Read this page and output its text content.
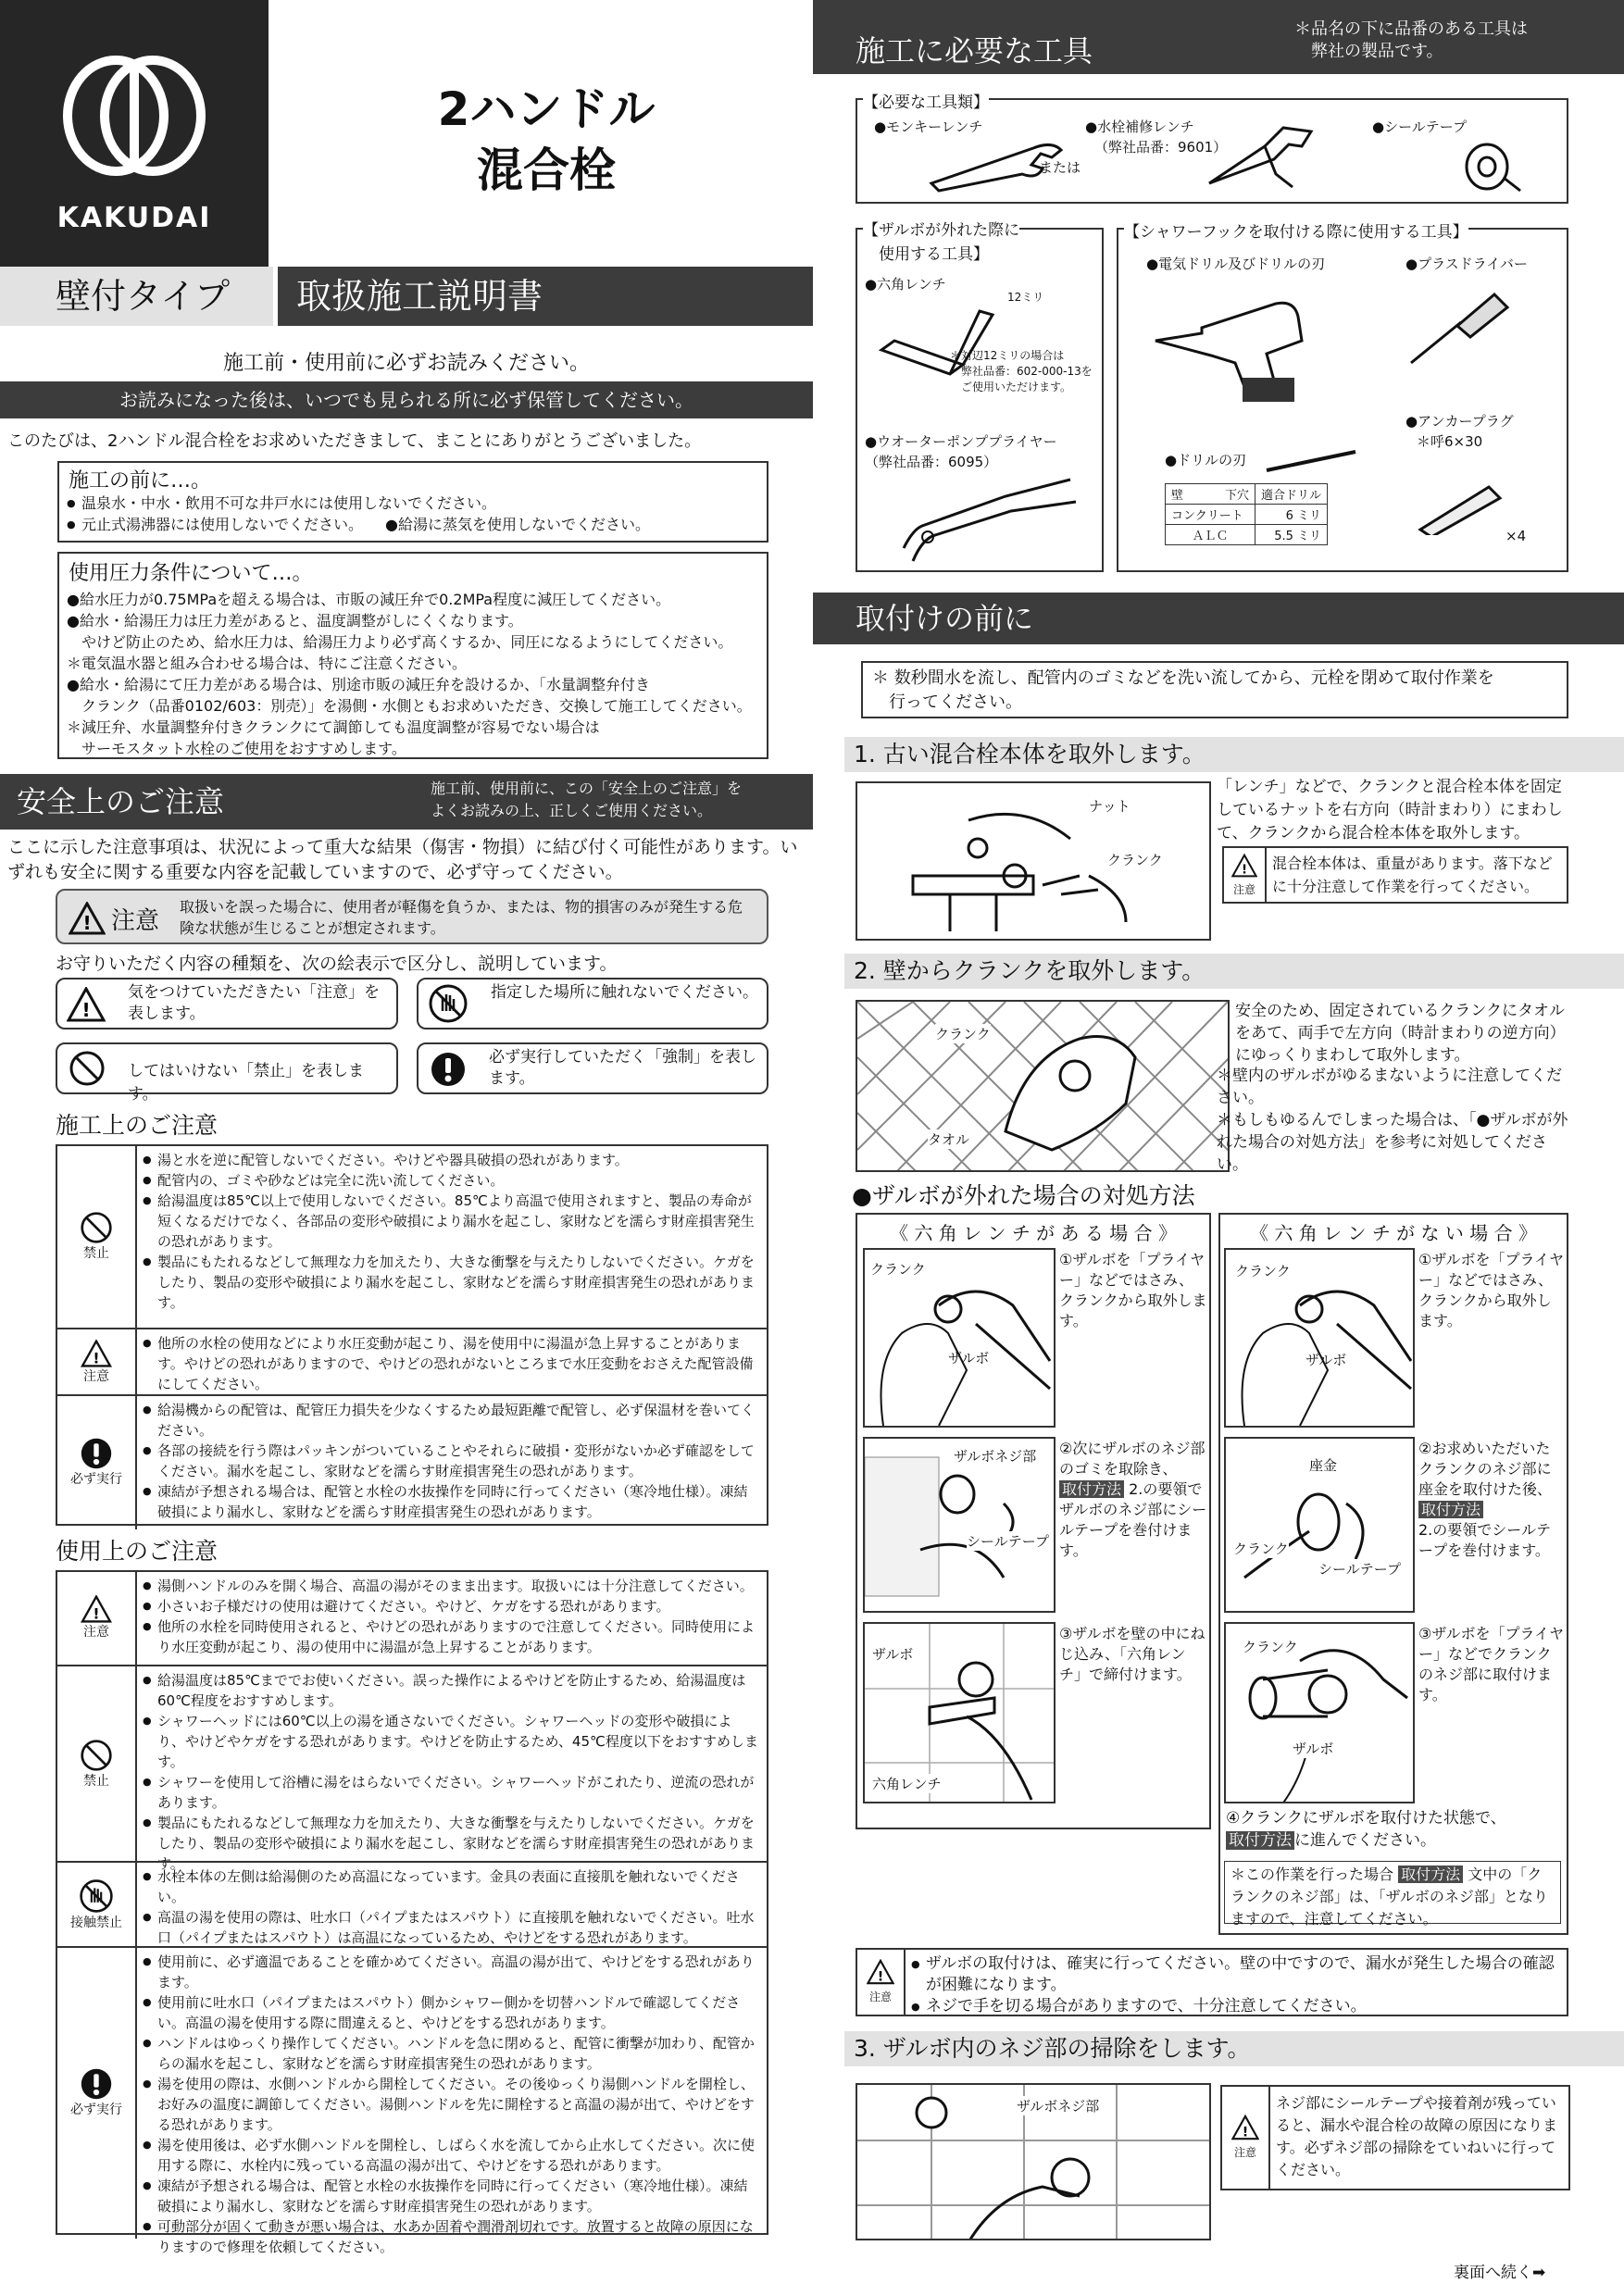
KAKUDAI
2ハンドル
混合栓
壁付タイプ	取扱施工説明書
施工前・使用前に必ずお読みください。
お読みになった後は、いつでも見られる所に必ず保管してください。
このたびは、2ハンドル混合栓をお求めいただきまして、まことにありがとうございました。
施工の前に…。
● 温泉水・中水・飲用不可な井戸水には使用しないでください。
● 元止式湯沸器には使用しないでください。　　 ●給湯に蒸気を使用しないでください。
使用圧力条件について…。
●給水圧力が0.75MPaを超える場合は、市販の減圧弁で0.2MPa程度に減圧してください。
●給水・給湯圧力は圧力差があると、温度調整がしにくくなります。
　やけど防止のため、給水圧力は、給湯圧力より必ず高くするか、同圧になるようにしてください。
＊電気温水器と組み合わせる場合は、特にご注意ください。
●給水・給湯にて圧力差がある場合は、別途市販の減圧弁を設けるか、「水量調整弁付き
　クランク（品番0102/603：別売）」を湯側・水側ともお求めいただき、交換して施工してください。
＊減圧弁、水量調整弁付きクランクにて調節しても温度調整が容易でない場合は
　サーモスタット水栓のご使用をおすすめします。
安全上のご注意	施工前、使用前に、この「安全上のご注意」を
よくお読みの上、正しくご使用ください。
ここに示した注意事項は、状況によって重大な結果（傷害・物損）に結び付く可能性があります。いずれも安全に関する重要な内容を記載していますので、必ず守ってください。
! 注意
取扱いを誤った場合に、使用者が軽傷を負うか、または、物的損害のみが発生する危険な状態が生じることが想定されます。
お守りいただく内容の種類を、次の絵表示で区分し、説明しています。
!
気をつけていただきたい「注意」を表します。
指定した場所に触れないでください。
してはいけない「禁止」を表します。
必ず実行していただく「強制」を表します。
施工上のご注意
禁止
● 湯と水を逆に配管しないでください。やけどや器具破損の恐れがあります。
● 配管内の、ゴミや砂などは完全に洗い流してください。
● 給湯温度は85℃以上で使用しないでください。85℃より高温で使用されますと、製品の寿命が短くなるだけでなく、各部品の変形や破損により漏水を起こし、家財などを濡らす財産損害発生の恐れがあります。
● 製品にもたれるなどして無理な力を加えたり、大きな衝撃を与えたりしないでください。ケガをしたり、製品の変形や破損により漏水を起こし、家財などを濡らす財産損害発生の恐れがあります。
!
注意
● 他所の水栓の使用などにより水圧変動が起こり、湯を使用中に湯温が急上昇することがあります。やけどの恐れがありますので、やけどの恐れがないところまで水圧変動をおさえた配管設備にしてください。
必ず実行
● 給湯機からの配管は、配管圧力損失を少なくするため最短距離で配管し、必ず保温材を巻いてください。
● 各部の接続を行う際はパッキンがついていることやそれらに破損・変形がないか必ず確認をしてください。漏水を起こし、家財などを濡らす財産損害発生の恐れがあります。
● 凍結が予想される場合は、配管と水栓の水抜操作を同時に行ってください（寒冷地仕様）。凍結破損により漏水し、家財などを濡らす財産損害発生の恐れがあります。
使用上のご注意
!
注意
● 湯側ハンドルのみを開く場合、高温の湯がそのまま出ます。取扱いには十分注意してください。
● 小さいお子様だけの使用は避けてください。やけど、ケガをする恐れがあります。
● 他所の水栓を同時使用されると、やけどの恐れがありますので注意してください。同時使用により水圧変動が起こり、湯の使用中に湯温が急上昇することがあります。
禁止
● 給湯温度は85℃まででお使いください。誤った操作によるやけどを防止するため、給湯温度は60℃程度をおすすめします。
● シャワーヘッドには60℃以上の湯を通さないでください。シャワーヘッドの変形や破損により、やけどやケガをする恐れがあります。やけどを防止するため、45℃程度以下をおすすめします。
● シャワーを使用して浴槽に湯をはらないでください。シャワーヘッドがこれたり、逆流の恐れがあります。
● 製品にもたれるなどして無理な力を加えたり、大きな衝撃を与えたりしないでください。ケガをしたり、製品の変形や破損により漏水を起こし、家財などを濡らす財産損害発生の恐れがあります。
接触禁止
● 水栓本体の左側は給湯側のため高温になっています。金具の表面に直接肌を触れないでください。
● 高温の湯を使用の際は、吐水口（パイプまたはスパウト）に直接肌を触れないでください。吐水口（パイプまたはスパウト）は高温になっているため、やけどをする恐れがあります。
必ず実行
● 使用前に、必ず適温であることを確かめてください。高温の湯が出て、やけどをする恐れがあります。
● 使用前に吐水口（パイプまたはスパウト）側かシャワー側かを切替ハンドルで確認してください。高温の湯を使用する際に間違えると、やけどをする恐れがあります。
● ハンドルはゆっくり操作してください。ハンドルを急に閉めると、配管に衝撃が加わり、配管からの漏水を起こし、家財などを濡らす財産損害発生の恐れがあります。
● 湯を使用の際は、水側ハンドルから開栓してください。その後ゆっくり湯側ハンドルを開栓し、お好みの温度に調節してください。湯側ハンドルを先に開栓すると高温の湯が出て、やけどをする恐れがあります。
● 湯を使用後は、必ず水側ハンドルを開栓し、しばらく水を流してから止水してください。次に使用する際に、水栓内に残っている高温の湯が出て、やけどをする恐れがあります。
● 凍結が予想される場合は、配管と水栓の水抜操作を同時に行ってください（寒冷地仕様）。凍結破損により漏水し、家財などを濡らす財産損害発生の恐れがあります。
● 可動部分が固くて動きが悪い場合は、水あか固着や潤滑剤切れです。放置すると故障の原因になりますので修理を依頼してください。
施工に必要な工具
＊品名の下に品番のある工具は
　弊社の製品です。
【必要な工具類】
●モンキーレンチ
または
●水栓補修レンチ
（弊社品番：9601）
●シールテープ
【ザルボが外れた際に
　使用する工具】
●六角レンチ
12ミリ
＊対辺12ミリの場合は
　弊社品番：602-000-13を
　ご使用いただけます。
●ウオーターポンププライヤー
（弊社品番：6095）
【シャワーフックを取付ける際に使用する工具】
●電気ドリル及びドリルの刃	●プラスドライバー
●ドリルの刃
●アンカープラグ
＊呼6×30
×4
壁 下穴	適合ドリル
コンクリート	6 ミリ
ＡＬＣ	5.5 ミリ
取付けの前に
＊ 数秒間水を流し、配管内のゴミなどを洗い流してから、元栓を閉めて取付作業を
　行ってください。
1. 古い混合栓本体を取外します。
ナット
クランク
「レンチ」などで、クランクと混合栓本体を固定しているナットを右方向（時計まわり）にまわして、クランクから混合栓本体を取外します。
!
注意
混合栓本体は、重量があります。落下などに十分注意して作業を行ってください。
2. 壁からクランクを取外します。
クランク
タオル
安全のため、固定されているクランクにタオルをあて、両手で左方向（時計まわりの逆方向）にゆっくりまわして取外します。
＊壁内のザルボがゆるまないように注意してください。
＊もしもゆるんでしまった場合は、「●ザルボが外れた場合の対処方法」を参考に対処してください。
●ザルボが外れた場合の対処方法
《 六 角 レ ン チ が あ る 場 合 》	《 六 角 レ ン チ が な い 場 合 》
クランク
ザルボ
①ザルボを「プライヤー」などではさみ、クランクから取外します。
ザルボネジ部
シールテープ
②次にザルボのネジ部のゴミを取除き、
取付方法 2.の要領でザルボのネジ部にシールテープを巻付けます。
ザルボ
六角レンチ
③ザルボを壁の中にねじ込み、「六角レンチ」で締付けます。
クランク
ザルボ
①ザルボを「プライヤー」などではさみ、クランクから取外します。
座金
クランク
シールテープ
②お求めいただいたクランクのネジ部に座金を取付けた後、取付方法
2.の要領でシールテープを巻付けます。
クランク
ザルボ
③ザルボを「プライヤー」などでクランクのネジ部に取付けます。
④クランクにザルボを取付けた状態で、
取付方法 に進んでください。
＊この作業を行った場合 取付方法 文中の「クランクのネジ部」は、「ザルボのネジ部」となりますので、注意してください。
!
注意
● ザルボの取付けは、確実に行ってください。壁の中ですので、漏水が発生した場合の確認が困難になります。
● ネジで手を切る場合がありますので、十分注意してください。
3. ザルボ内のネジ部の掃除をします。
ザルボネジ部
!
注意
ネジ部にシールテープや接着剤が残っていると、漏水や混合栓の故障の原因になります。必ずネジ部の掃除をていねいに行ってください。
裏面へ続く➡
